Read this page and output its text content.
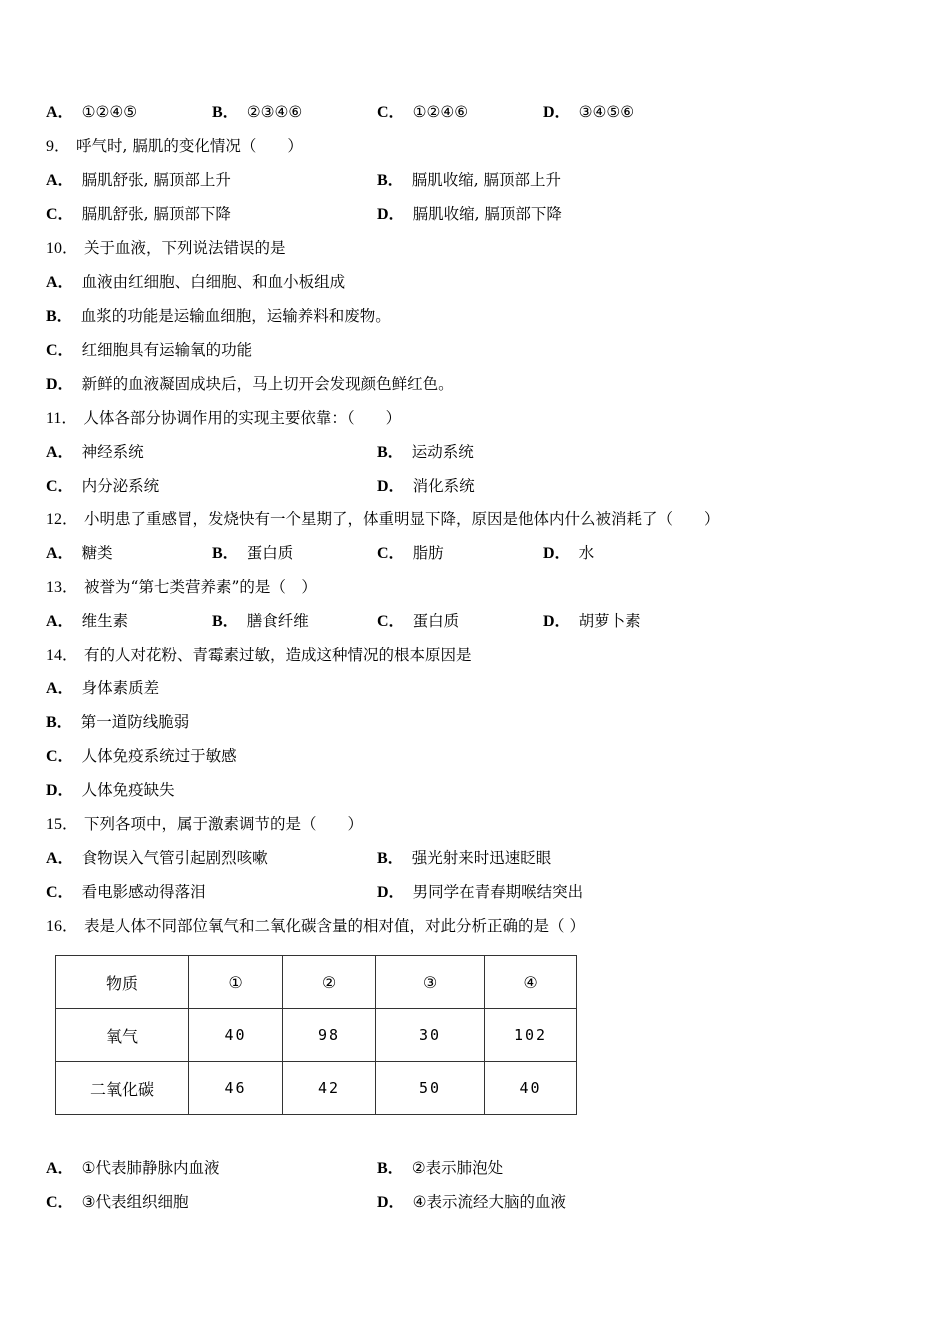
A． ①②④⑤	B． ②③④⑥	C． ①②④⑥	D． ③④⑤⑥
9． 呼气时, 膈肌的变化情况（　　）
A． 膈肌舒张, 膈顶部上升	B． 膈肌收缩, 膈顶部上升
C． 膈肌舒张, 膈顶部下降	D． 膈肌收缩, 膈顶部下降
10． 关于血液，下列说法错误的是
A． 血液由红细胞、白细胞、和血小板组成
B． 血浆的功能是运输血细胞，运输养料和废物。
C． 红细胞具有运输氧的功能
D． 新鲜的血液凝固成块后，马上切开会发现颜色鲜红色。
11． 人体各部分协调作用的实现主要依靠：（　　）
A． 神经系统	B． 运动系统
C． 内分泌系统	D． 消化系统
12． 小明患了重感冒，发烧快有一个星期了，体重明显下降，原因是他体内什么被消耗了（　　）
A． 糖类	B． 蛋白质	C． 脂肪	D． 水
13． 被誉为“第七类营养素”的是（　）
A． 维生素	B． 膳食纤维	C． 蛋白质	D． 胡萝卜素
14． 有的人对花粉、青霉素过敏，造成这种情况的根本原因是
A． 身体素质差
B． 第一道防线脆弱
C． 人体免疫系统过于敏感
D． 人体免疫缺失
15． 下列各项中，属于激素调节的是（　　）
A． 食物误入气管引起剧烈咳嗽	B． 强光射来时迅速眨眼
C． 看电影感动得落泪	D． 男同学在青春期喉结突出
16． 表是人体不同部位氧气和二氧化碳含量的相对值，对此分析正确的是（ ）
物质	①	②	③	④
氧气	40	98	30	102
二氧化碳	46	42	50	40
A． ①代表肺静脉内血液	B． ②表示肺泡处
C． ③代表组织细胞	D． ④表示流经大脑的血液
